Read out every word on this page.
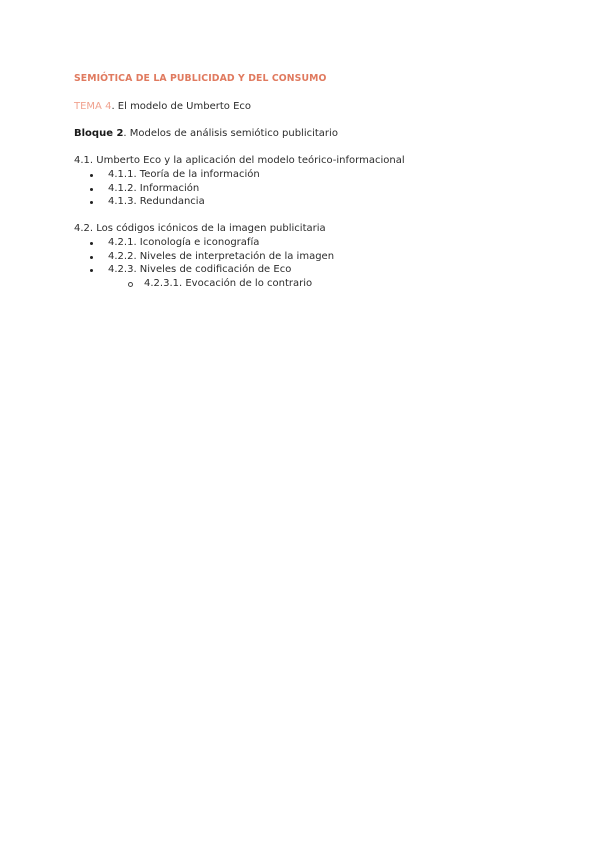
SEMIÓTICA DE LA PUBLICIDAD Y DEL CONSUMO
TEMA 4. El modelo de Umberto Eco
Bloque 2. Modelos de análisis semiótico publicitario
4.1. Umberto Eco y la aplicación del modelo teórico-informacional
4.1.1. Teoría de la información
4.1.2. Información
4.1.3. Redundancia
4.2. Los códigos icónicos de la imagen publicitaria
4.2.1. Iconología e iconografía
4.2.2. Niveles de interpretación de la imagen
4.2.3. Niveles de codificación de Eco
4.2.3.1. Evocación de lo contrario
